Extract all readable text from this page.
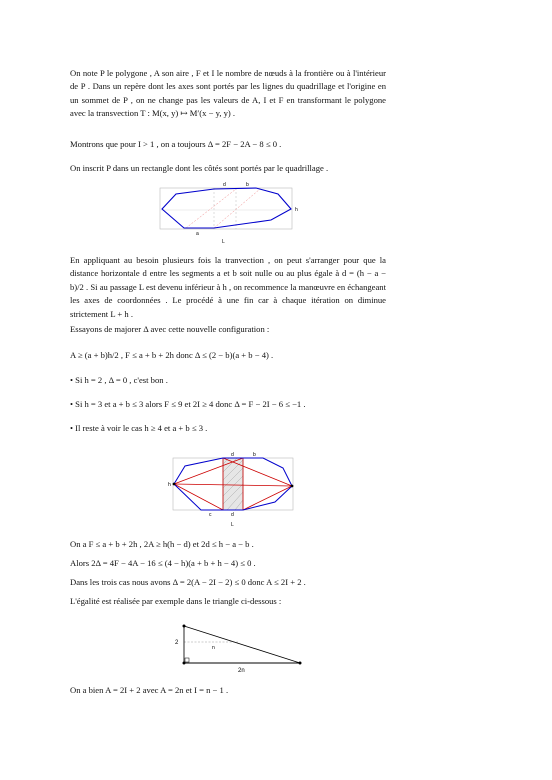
On note P le polygone , A son aire , F et I le nombre de nœuds à la frontière ou à l'intérieur de P . Dans un repère dont les axes sont portés par les lignes du quadrillage et l'origine en un sommet de P , on ne change pas les valeurs de A, I et F en transformant le polygone avec la transvection T : M(x, y) ↦ M′(x − y, y) .

Montrons que pour I > 1 , on a toujours Δ = 2F − 2A − 8 ≤ 0 .

On inscrit P dans un rectangle dont les côtés sont portés par le quadrillage .

d	b
h
a
L

En appliquant au besoin plusieurs fois la tranvection , on peut s'arranger pour que la distance horizontale d entre les segments a et b soit nulle ou au plus égale à d = (h − a − b)/2 . Si au passage L est devenu inférieur à h , on recommence la manœuvre en échangeant les axes de coordonnées . Le procédé à une fin car à chaque itération on diminue strictement L + h .

Essayons de majorer Δ avec cette nouvelle configuration :

A ≥ (a + b)h/2 , F ≤ a + b + 2h donc Δ ≤ (2 − b)(a + b − 4) .

• Si h = 2 , Δ = 0 , c'est bon .

• Si h = 3 et a + b ≤ 3 alors F ≤ 9 et 2I ≥ 4 donc Δ = F − 2I − 6 ≤ −1 .

• Il reste à voir le cas h ≥ 4 et a + b ≤ 3 .

d	b
h
c	d
L

On a F ≤ a + b + 2h , 2A ≥ h(h − d) et 2d ≤ h − a − b .

Alors 2Δ = 4F − 4A − 16 ≤ (4 − h)(a + b + h − 4) ≤ 0 .

Dans les trois cas nous avons Δ = 2(A − 2I − 2) ≤ 0 donc A ≤ 2I + 2 .

L'égalité est réalisée par exemple dans le triangle ci-dessous :

2
n
2n

On a bien A = 2I + 2 avec A = 2n et I = n − 1 .
